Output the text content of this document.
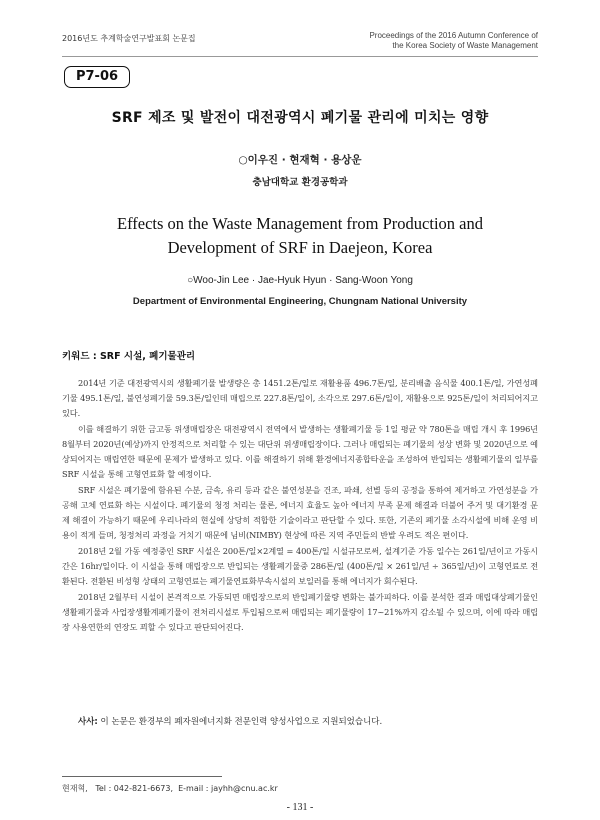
2016년도 추계학술연구발표회 논문집	Proceedings of the 2016 Autumn Conference of
the Korea Society of Waste Management
P7-06
SRF 제조 및 발전이 대전광역시 폐기물 관리에 미치는 영향
○이우진 · 현재혁 · 용상운
충남대학교 환경공학과
Effects on the Waste Management from Production and
Development of SRF in Daejeon, Korea
○Woo-Jin Lee · Jae-Hyuk Hyun · Sang-Woon Yong
Department of Environmental Engineering, Chungnam National University
키워드 : SRF 시설, 폐기물관리

2014년 기준 대전광역시의 생활폐기물 발생량은 총 1451.2톤/일로 재활용품 496.7톤/일, 분리배출 음식물 400.1톤/일, 가연성폐기물 495.1톤/일, 불연성폐기물 59.3톤/일인데 매립으로 227.8톤/일이, 소각으로 297.6톤/일이, 재활용으로 925톤/일이 처리되어지고 있다.

이를 해결하기 위한 금고동 위생매립장은 대전광역시 전역에서 발생하는 생활폐기물 등 1일 평균 약 780톤을 매립 개시 후 1996년 8월부터 2020년(예상)까지 안정적으로 처리할 수 있는 대단위 위생매립장이다. 그러나 매립되는 폐기물의 성상 변화 및 2020년으로 예상되어지는 매립연한 때문에 문제가 발생하고 있다. 이를 해결하기 위해 환경에너지종합타운을 조성하여 반입되는 생활폐기물의 일부를 SRF 시설을 통해 고형연료화 할 예정이다.

SRF 시설은 폐기물에 함유된 수분, 금속, 유리 등과 같은 불연성분을 건조, 파쇄, 선별 등의 공정을 통하여 제거하고 가연성분을 가공해 고체 연료화 하는 시설이다. 폐기물의 청정 처리는 물론, 에너지 효율도 높아 에너지 부족 문제 해결과 더불어 주거 및 대기환경 문제 해결이 가능하기 때문에 우리나라의 현실에 상당히 적합한 기술이라고 판단할 수 있다. 또한, 기존의 폐기물 소각시설에 비해 운영 비용이 적게 들며, 청정처리 과정을 거치기 때문에 님비(NIMBY) 현상에 따른 지역 주민들의 반발 우려도 적은 편이다.

2018년 2월 가동 예정중인 SRF 시설은 200톤/일×2계열 = 400톤/일 시설규모로써, 설계기준 가동 일수는 261일/년이고 가동시간은 16hr/일이다. 이 시설을 통해 매립장으로 반입되는 생활폐기물중 286톤/일 (400톤/일 × 261일/년 ÷ 365일/년)이 고형연료로 전환된다. 전환된 비성형 상태의 고형연료는 폐기물연료화부속시설의 보일러를 통해 에너지가 회수된다.

2018년 2월부터 시설이 본격적으로 가동되면 매립장으로의 반입폐기물량 변화는 불가피하다. 이를 분석한 결과 매립대상폐기물인 생활폐기물과 사업장생활계폐기물이 전처리시설로 투입됨으로써 매립되는 폐기물량이 17~21%까지 감소될 수 있으며, 이에 따라 매립장 사용연한의 연장도 꾀할 수 있다고 판단되어진다.

사사: 이 논문은 환경부의 폐자원에너지화 전문인력 양성사업으로 지원되었습니다.
현재혁,   Tel : 042-821-6673,  E-mail : jayhh@cnu.ac.kr
- 131 -
